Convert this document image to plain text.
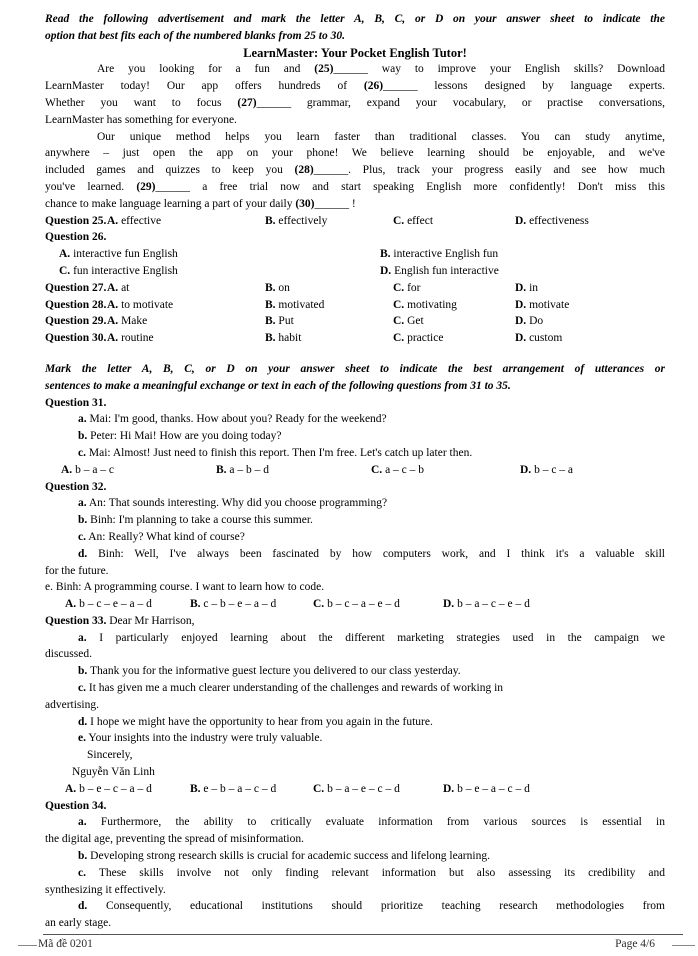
Read the following advertisement and mark the letter A, B, C, or D on your answer sheet to indicate the
option that best fits each of the numbered blanks from 25 to 30.
LearnMaster: Your Pocket English Tutor!
Are you looking for a fun and (25)______ way to improve your English skills? Download
LearnMaster today! Our app offers hundreds of (26)______ lessons designed by language experts.
Whether you want to focus (27)______ grammar, expand your vocabulary, or practise conversations,
LearnMaster has something for everyone.
Our unique method helps you learn faster than traditional classes. You can study anytime,
anywhere – just open the app on your phone! We believe learning should be enjoyable, and we've
included games and quizzes to keep you (28)______. Plus, track your progress easily and see how much
you've learned. (29)______ a free trial now and start speaking English more confidently! Don't miss this
chance to make language learning a part of your daily (30)______ !
Question 25. A. effective	B. effectively	C. effect	D. effectiveness
Question 26.
A. interactive fun English	B. interactive English fun
C. fun interactive English	D. English fun interactive
Question 27. A. at	B. on	C. for	D. in
Question 28. A. to motivate	B. motivated	C. motivating	D. motivate
Question 29. A. Make	B. Put	C. Get	D. Do
Question 30. A. routine	B. habit	C. practice	D. custom
Mark the letter A, B, C, or D on your answer sheet to indicate the best arrangement of utterances or
sentences to make a meaningful exchange or text in each of the following questions from 31 to 35.
Question 31.
a. Mai: I'm good, thanks. How about you? Ready for the weekend?
b. Peter: Hi Mai! How are you doing today?
c. Mai: Almost! Just need to finish this report. Then I'm free. Let's catch up later then.
A. b – a – c	B. a – b – d	C. a – c – b	D. b – c – a
Question 32.
a. An: That sounds interesting. Why did you choose programming?
b. Binh: I'm planning to take a course this summer.
c. An: Really? What kind of course?
d. Binh: Well, I've always been fascinated by how computers work, and I think it's a valuable skill
for the future.
e. Binh: A programming course. I want to learn how to code.
A. b – c – e – a – d	B. c – b – e – a – d	C. b – c – a – e – d	D. b – a – c – e – d
Question 33. Dear Mr Harrison,
a. I particularly enjoyed learning about the different marketing strategies used in the campaign we
discussed.
b. Thank you for the informative guest lecture you delivered to our class yesterday.
c. It has given me a much clearer understanding of the challenges and rewards of working in
advertising.
d. I hope we might have the opportunity to hear from you again in the future.
e. Your insights into the industry were truly valuable.
Sincerely,
Nguyễn Văn Linh
A. b – e – c – a – d	B. e – b – a – c – d	C. b – a – e – c – d	D. b – e – a – c – d
Question 34.
a. Furthermore, the ability to critically evaluate information from various sources is essential in
the digital age, preventing the spread of misinformation.
b. Developing strong research skills is crucial for academic success and lifelong learning.
c. These skills involve not only finding relevant information but also assessing its credibility and
synthesizing it effectively.
d. Consequently, educational institutions should prioritize teaching research methodologies from
an early stage.
Mã đề 0201	Page 4/6
